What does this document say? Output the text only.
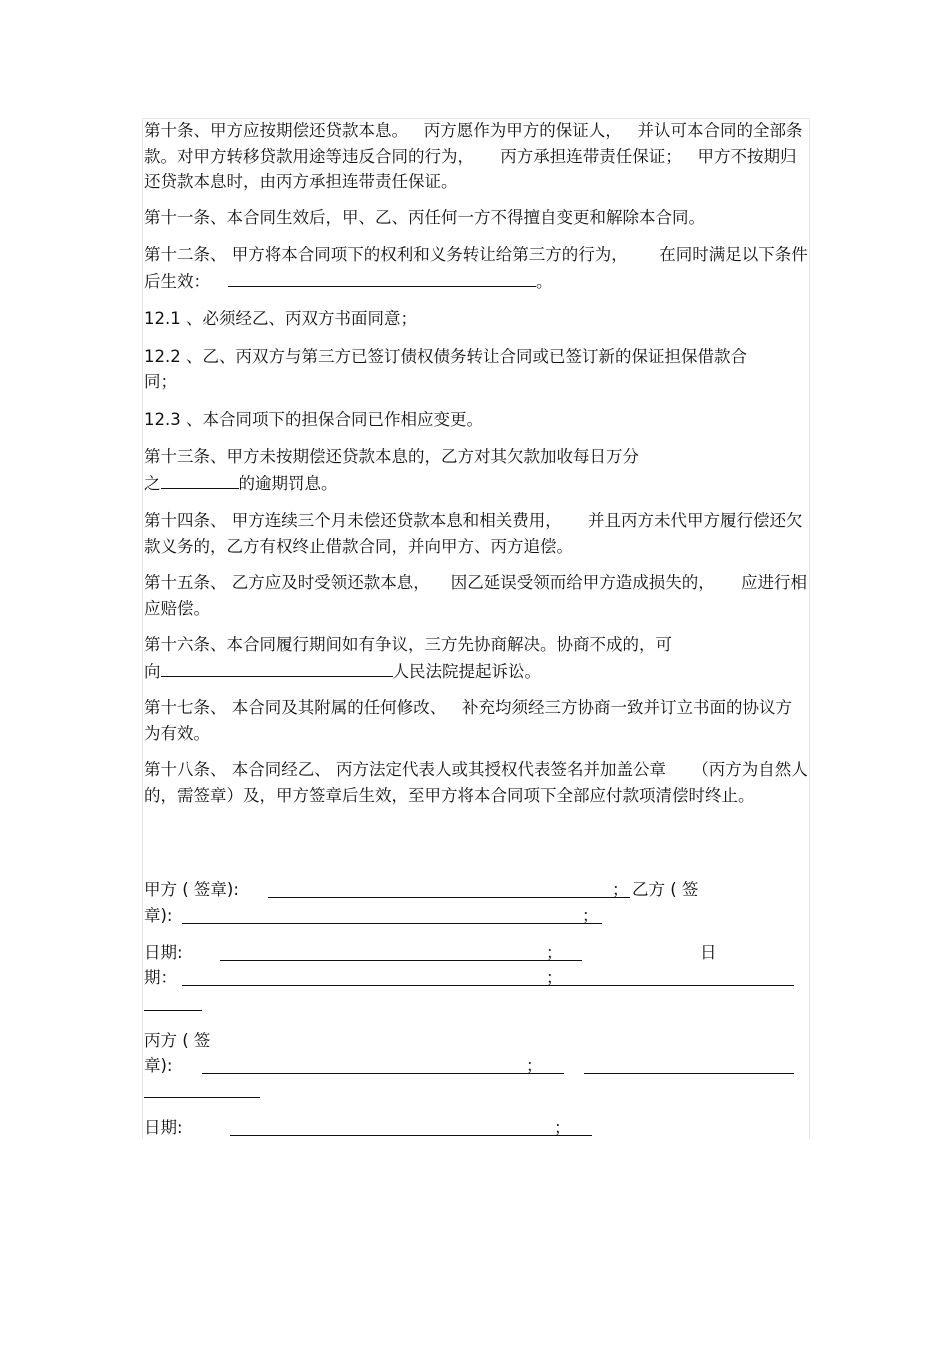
第十条、甲方应按期偿还贷款本息。   丙方愿作为甲方的保证人，   并认可本合同的全部条款。对甲方转移贷款用途等违反合同的行为，     丙方承担连带责任保证；   甲方不按期归还贷款本息时，由丙方承担连带责任保证。

第十一条、本合同生效后，甲、乙、丙任何一方不得擅自变更和解除本合同。

第十二条、 甲方将本合同项下的权利和义务转让给第三方的行为，      在同时满足以下条件后生效：	。

12.1 、必须经乙、丙双方书面同意；

12.2 、乙、丙双方与第三方已签订债权债务转让合同或已签订新的保证担保借款合同；

12.3 、本合同项下的担保合同已作相应变更。

第十三条、甲方未按期偿还贷款本息的，乙方对其欠款加收每日万分
之	的逾期罚息。

第十四条、 甲方连续三个月未偿还贷款本息和相关费用，     并且丙方未代甲方履行偿还欠款义务的，乙方有权终止借款合同，并向甲方、丙方追偿。

第十五条、 乙方应及时受领还款本息，    因乙延误受领而给甲方造成损失的，     应进行相应赔偿。

第十六条、本合同履行期间如有争议，三方先协商解决。协商不成的，可
向	人民法院提起诉讼。

第十七条、 本合同及其附属的任何修改、   补充均须经三方协商一致并订立书面的协议方为有效。

第十八条、 本合同经乙、 丙方法定代表人或其授权代表签名并加盖公章     （丙方为自然人的，需签章）及，甲方签章后生效，至甲方将本合同项下全部应付款项清偿时终止。

甲方 ( 签章):	； 乙方 ( 签
章):	；
日期:	；	日
期：	；
丙方 ( 签
章):	；
日期:	；
